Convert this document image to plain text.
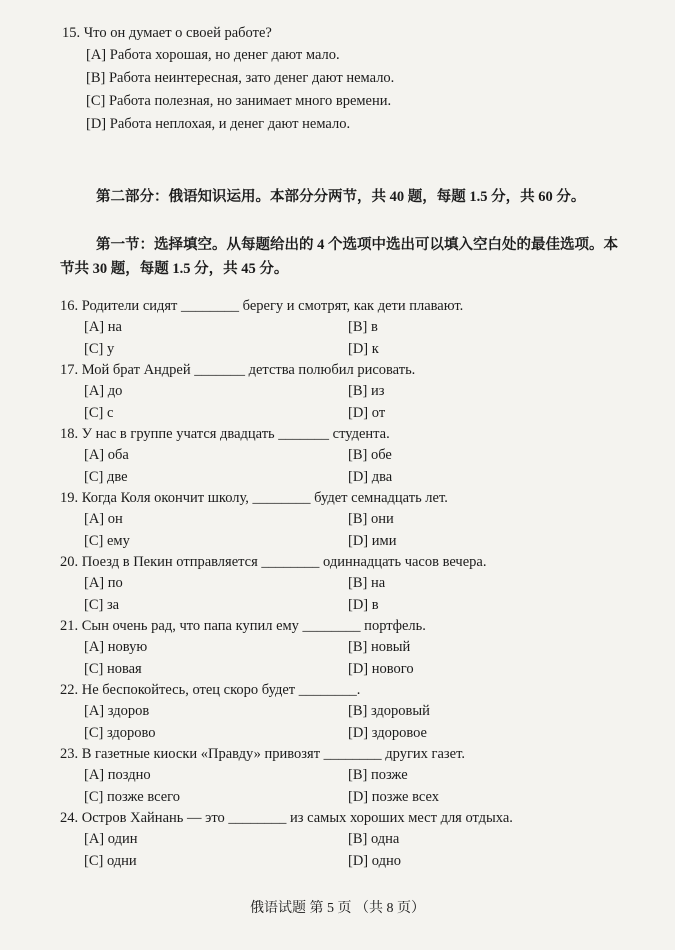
15. Что он думает о своей работе?
[A] Работа хорошая, но денег дают мало.
[B] Работа неинтересная, зато денег дают немало.
[C] Работа полезная, но занимает много времени.
[D] Работа неплохая, и денег дают немало.
第二部分：俄语知识运用。本部分分两节，共 40 题，每题 1.5 分，共 60 分。
第一节：选择填空。从每题给出的 4 个选项中选出可以填入空白处的最佳选项。本节共 30 题，每题 1.5 分，共 45 分。
16. Родители сидят ________ берегу и смотрят, как дети плавают.
[A] на	[B] в
[C] у	[D] к
17. Мой брат Андрей _______ детства полюбил рисовать.
[A] до	[B] из
[C] с	[D] от
18. У нас в группе учатся двадцать _______ студента.
[A] оба	[B] обе
[C] две	[D] два
19. Когда Коля окончит школу, ________ будет семнадцать лет.
[A] он	[B] они
[C] ему	[D] ими
20. Поезд в Пекин отправляется ________ одиннадцать часов вечера.
[A] по	[B] на
[C] за	[D] в
21. Сын очень рад, что папа купил ему ________ портфель.
[A] новую	[B] новый
[C] новая	[D] нового
22. Не беспокойтесь, отец скоро будет ________.
[A] здоров	[B] здоровый
[C] здорово	[D] здоровое
23. В газетные киоски «Правду» привозят ________ других газет.
[A] поздно	[B] позже
[C] позже всего	[D] позже всех
24. Остров Хайнань — это ________ из самых хороших мест для отдыха.
[A] один	[B] одна
[C] одни	[D] одно
俄语试题 第 5 页 （共 8 页）
